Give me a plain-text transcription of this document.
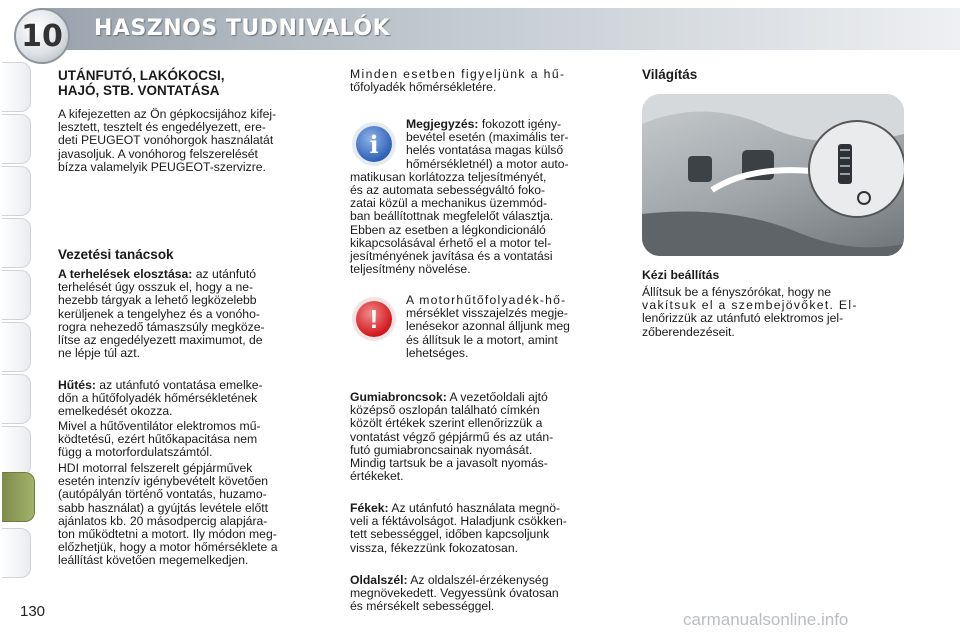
10	HASZNOS TUDNIVALÓK
UTÁNFUTÓ, LAKÓKOCSI,
HAJÓ, STB. VONTATÁSA

A kifejezetten az Ön gépkocsijához kifej-

lesztett, tesztelt és engedélyezett, ere-

deti PEUGEOT vonóhorgok használatát

javasoljuk. A vonóhorog felszerelését

bízza valamelyik PEUGEOT-szervizre.

Vezetési tanácsok

A terhelések elosztása: az utánfutó

terhelését úgy osszuk el, hogy a ne-

hezebb tárgyak a lehető legközelebb

kerüljenek a tengelyhez és a vonóho-

rogra nehezedő támaszsúly megköze-

lítse az engedélyezett maximumot, de

ne lépje túl azt.

Hűtés: az utánfutó vontatása emelke-

dőn a hűtőfolyadék hőmérsékletének

emelkedését okozza.

Mivel a hűtőventilátor elektromos mű-

ködtetésű, ezért hűtőkapacitása nem

függ a motorfordulatszámtól.

HDI motorral felszerelt gépjárművek

esetén intenzív igénybevételt követően

(autópályán történő vontatás, huzamo-

sabb használat) a gyújtás levétele előtt

ajánlatos kb. 20 másodpercig alapjára-

ton működtetni a motort. Ily módon meg-

előzhetjük, hogy a motor hőmérséklete a

leállítást követően megemelkedjen.

Minden esetben figyeljünk a hű-

tőfolyadék hőmérsékletére.

i

Megjegyzés: fokozott igény-

bevétel esetén (maximális ter-

helés vontatása magas külső

hőmérsékletnél) a motor auto-

matikusan korlátozza teljesítményét,

és az automata sebességváltó foko-

zatai közül a mechanikus üzemmód-

ban beállítottnak megfelelőt választja.

Ebben az esetben a légkondicionáló

kikapcsolásával érhető el a motor tel-

jesítményének javítása és a vontatási

teljesítmény növelése.

!

A motorhűtőfolyadék-hő-

mérséklet visszajelzés megje-

lenésekor azonnal álljunk meg

és állítsuk le a motort, amint

lehetséges.

Gumiabroncsok: A vezetőoldali ajtó

középső oszlopán található címkén

közölt értékek szerint ellenőrizzük a

vontatást végző gépjármű és az után-

futó gumiabroncsainak nyomását.

Mindig tartsuk be a javasolt nyomás-

értékeket.

Fékek: Az utánfutó használata megnö-

veli a féktávolságot. Haladjunk csökken-

tett sebességgel, időben kapcsoljunk

vissza, fékezzünk fokozatosan.

Oldalszél: Az oldalszél-érzékenység

megnövekedett. Vegyessünk óvatosan

és mérsékelt sebességgel.

Világítás
Kézi beállítás

Állítsuk be a fényszórókat, hogy ne

vakítsuk el a szembejövőket. El-

lenőrizzük az utánfutó elektromos jel-

zőberendezéseit.

130	carmanualsonline.info
